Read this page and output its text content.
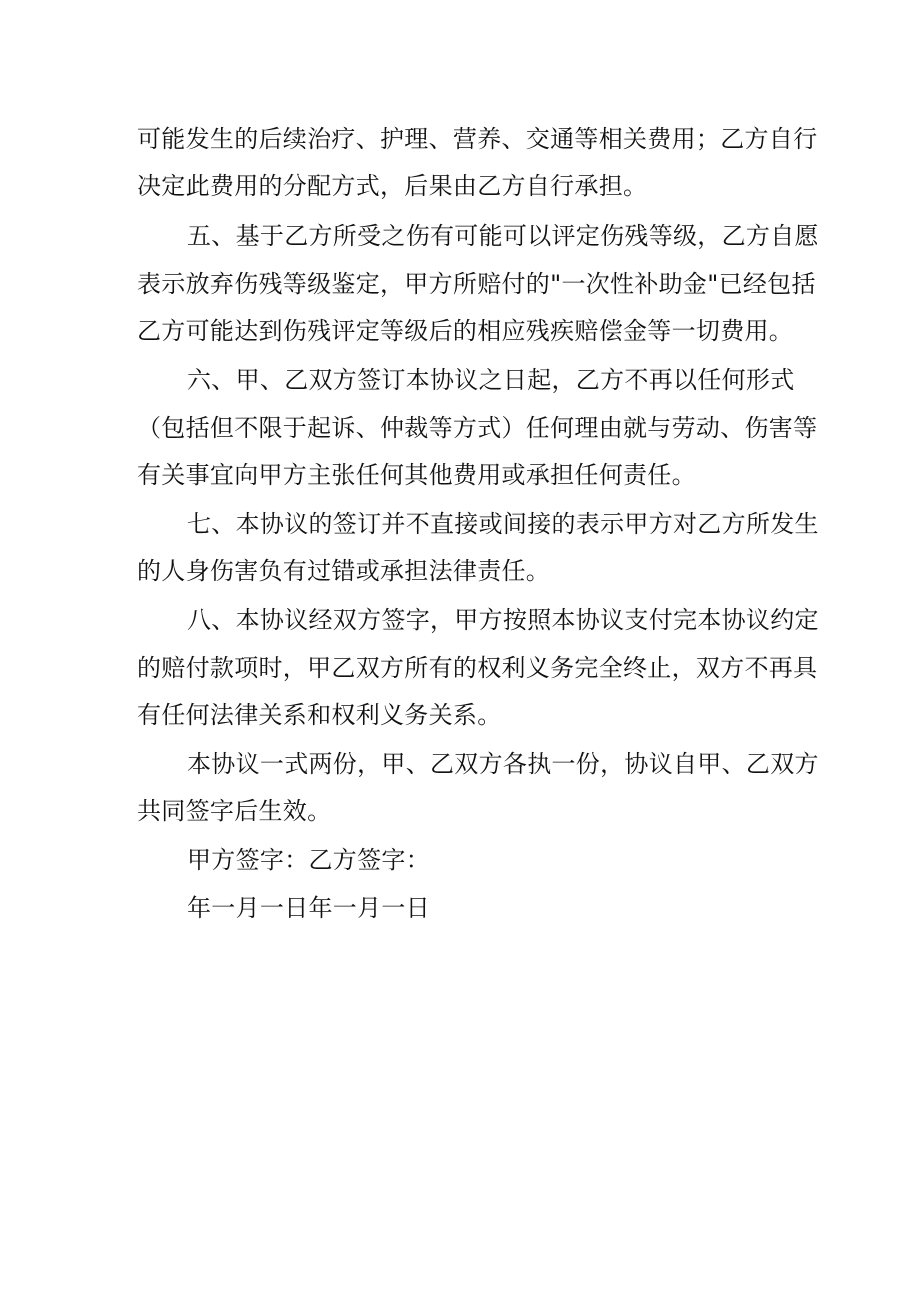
可能发生的后续治疗、护理、营养、交通等相关费用；乙方自行
决定此费用的分配方式，后果由乙方自行承担。
五、基于乙方所受之伤有可能可以评定伤残等级，乙方自愿
表示放弃伤残等级鉴定，甲方所赔付的"一次性补助金"已经包括
乙方可能达到伤残评定等级后的相应残疾赔偿金等一切费用。
六、甲、乙双方签订本协议之日起，乙方不再以任何形式
（包括但不限于起诉、仲裁等方式）任何理由就与劳动、伤害等
有关事宜向甲方主张任何其他费用或承担任何责任。
七、本协议的签订并不直接或间接的表示甲方对乙方所发生
的人身伤害负有过错或承担法律责任。
八、本协议经双方签字，甲方按照本协议支付完本协议约定
的赔付款项时，甲乙双方所有的权利义务完全终止，双方不再具
有任何法律关系和权利义务关系。
本协议一式两份，甲、乙双方各执一份，协议自甲、乙双方
共同签字后生效。
甲方签字：乙方签字：
年一月一日年一月一日
